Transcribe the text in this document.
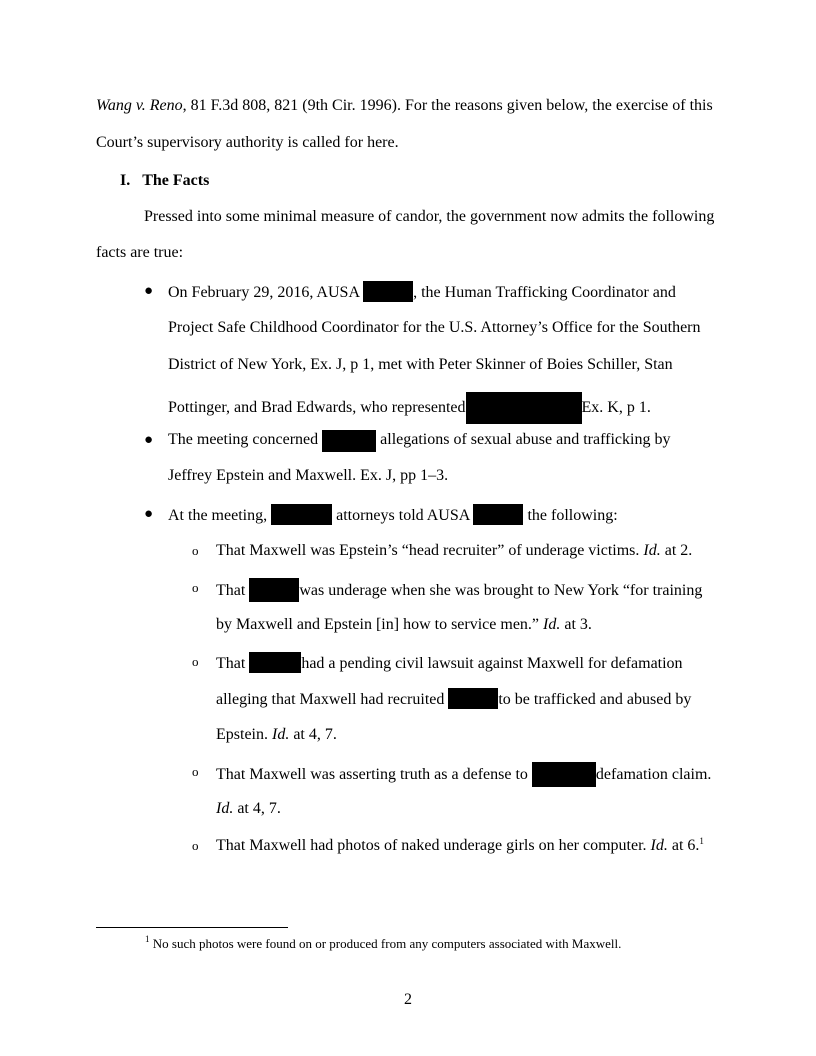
Wang v. Reno, 81 F.3d 808, 821 (9th Cir. 1996). For the reasons given below, the exercise of this
Court’s supervisory authority is called for here.
I. The Facts
Pressed into some minimal measure of candor, the government now admits the following
facts are true:
● On February 29, 2016, AUSA	, the Human Trafficking Coordinator and
Project Safe Childhood Coordinator for the U.S. Attorney’s Office for the Southern
District of New York, Ex. J, p 1, met with Peter Skinner of Boies Schiller, Stan
Pottinger, and Brad Edwards, who represented	Ex. K, p 1.
● The meeting concerned	allegations of sexual abuse and trafficking by
Jeffrey Epstein and Maxwell. Ex. J, pp 1–3.
● At the meeting,	attorneys told AUSA	the following:
o That Maxwell was Epstein’s “head recruiter” of underage victims. Id. at 2.
o That	was underage when she was brought to New York “for training
by Maxwell and Epstein [in] how to service men.” Id. at 3.
o That	had a pending civil lawsuit against Maxwell for defamation
alleging that Maxwell had recruited	to be trafficked and abused by
Epstein. Id. at 4, 7.
o That Maxwell was asserting truth as a defense to	defamation claim.
Id. at 4, 7.
o That Maxwell had photos of naked underage girls on her computer. Id. at 6.$^1$
$^1$ No such photos were found on or produced from any computers associated with Maxwell.
2
